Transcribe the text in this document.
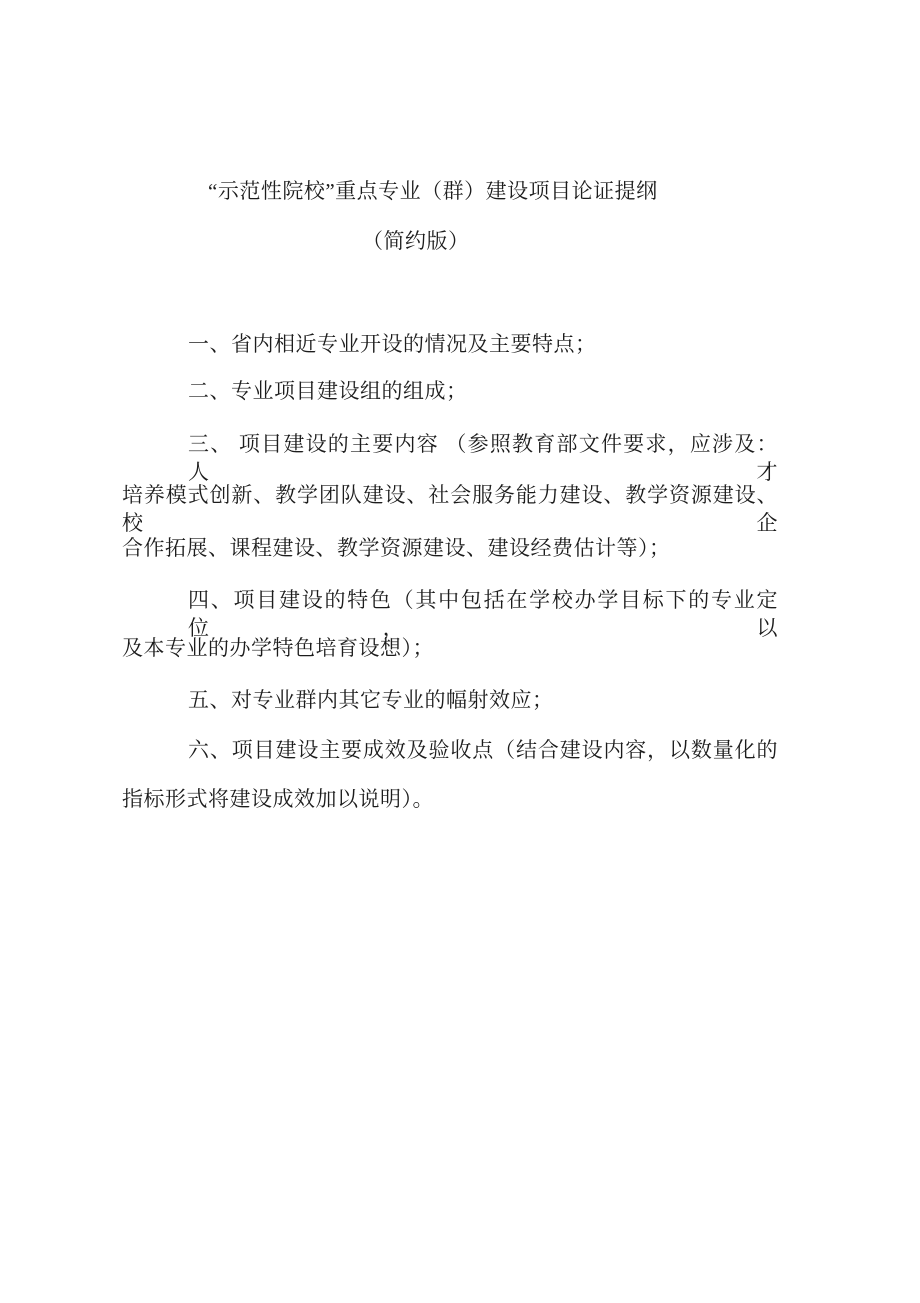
“示范性院校”重点专业（群）建设项目论证提纲
（简约版）
一、省内相近专业开设的情况及主要特点；
二、专业项目建设组的组成；
三、 项目建设的主要内容 （参照教育部文件要求，应涉及：人才
培养模式创新、教学团队建设、社会服务能力建设、教学资源建设、校企
合作拓展、课程建设、教学资源建设、建设经费估计等）；
四、项目建设的特色（其中包括在学校办学目标下的专业定位， 以
及本专业的办学特色培育设想）；
五、对专业群内其它专业的幅射效应；
六、项目建设主要成效及验收点（结合建设内容，以数量化的
指标形式将建设成效加以说明）。
